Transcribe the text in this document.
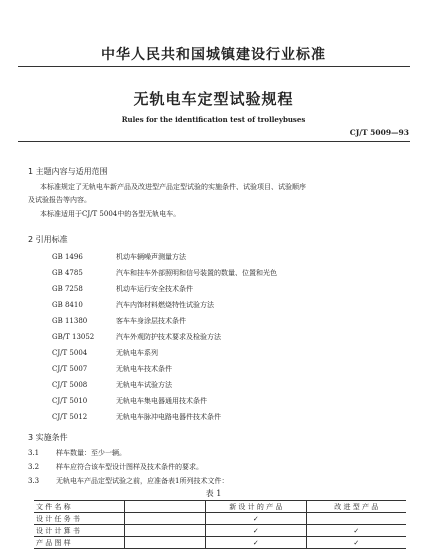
中华人民共和国城镇建设行业标准
无轨电车定型试验规程
Rules for the identification test of trolleybuses
CJ/T 5009—93
1 主题内容与适用范围
本标准规定了无轨电车新产品及改进型产品定型试验的实施条件、试验项目、试验顺序
及试验报告等内容。
本标准适用于CJ/T 5004中的各型无轨电车。
2 引用标准
GB 1496	机动车辆噪声测量方法
GB 4785	汽车和挂车外部照明和信号装置的数量、位置和光色
GB 7258	机动车运行安全技术条件
GB 8410	汽车内饰材料燃烧特性试验方法
GB 11380	客车车身涂层技术条件
GB/T 13052	汽车外观防护技术要求及检验方法
CJ/T 5004	无轨电车系列
CJ/T 5007	无轨电车技术条件
CJ/T 5008	无轨电车试验方法
CJ/T 5010	无轨电车集电器通用技术条件
CJ/T 5012	无轨电车脉冲电路电器件技术条件
3 实施条件
3.1 样车数量：至少一辆。
3.2 样车应符合该车型设计图样及技术条件的要求。
3.3 无轨电车产品定型试验之前，应准备表1所列技术文件：
表 1
文 件 名 称		新 设 计 的 产 品	改 进 型 产 品
设 计 任 务 书		✓	
设 计 计 算 书		✓	✓
产 品 图 样		✓	✓
